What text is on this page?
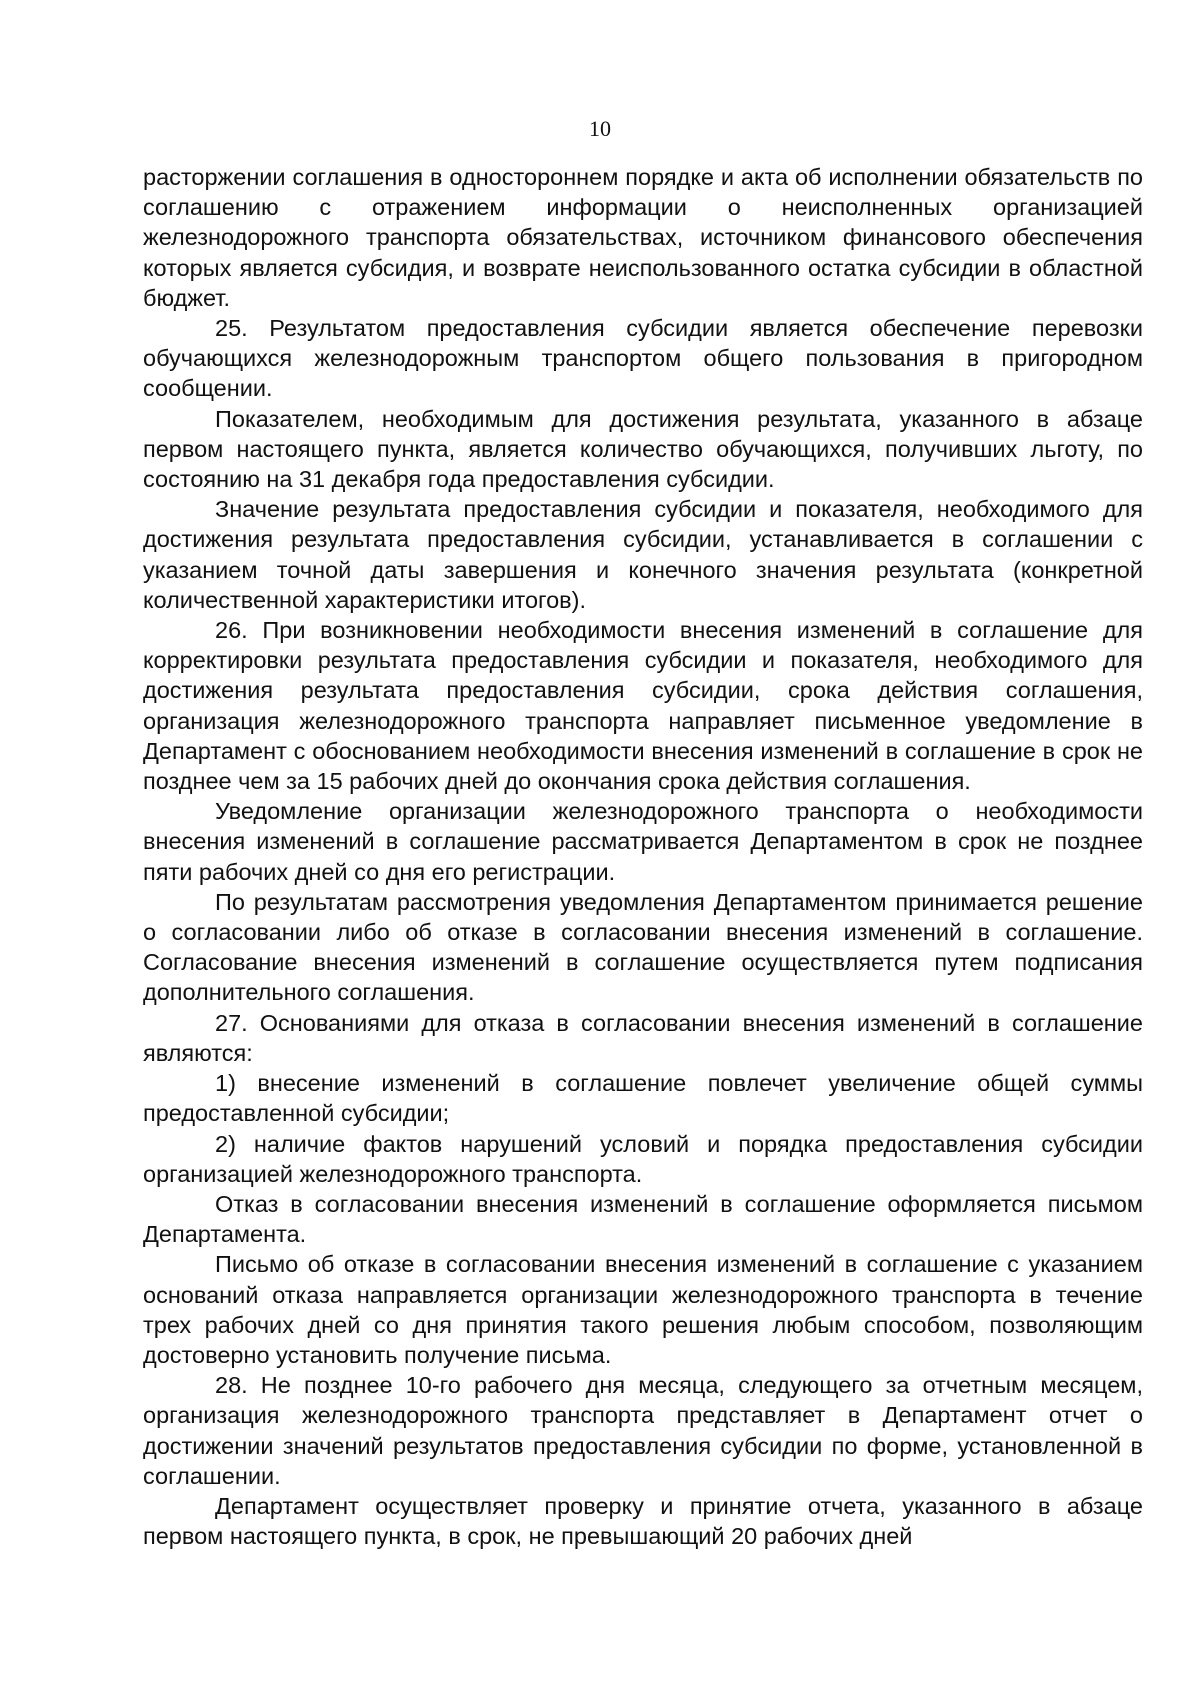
10

расторжении соглашения в одностороннем порядке и акта об исполнении обязательств по соглашению с отражением информации о неисполненных организацией железнодорожного транспорта обязательствах, источником финансового обеспечения которых является субсидия, и возврате неиспользованного остатка субсидии в областной бюджет.

25. Результатом предоставления субсидии является обеспечение перевозки обучающихся железнодорожным транспортом общего пользования в пригородном сообщении.

Показателем, необходимым для достижения результата, указанного в абзаце первом настоящего пункта, является количество обучающихся, получивших льготу, по состоянию на 31 декабря года предоставления субсидии.

Значение результата предоставления субсидии и показателя, необходимого для достижения результата предоставления субсидии, устанавливается в соглашении с указанием точной даты завершения и конечного значения результата (конкретной количественной характеристики итогов).

26. При возникновении необходимости внесения изменений в соглашение для корректировки результата предоставления субсидии и показателя, необходимого для достижения результата предоставления субсидии, срока действия соглашения, организация железнодорожного транспорта направляет письменное уведомление в Департамент с обоснованием необходимости внесения изменений в соглашение в срок не позднее чем за 15 рабочих дней до окончания срока действия соглашения.

Уведомление организации железнодорожного транспорта о необходимости внесения изменений в соглашение рассматривается Департаментом в срок не позднее пяти рабочих дней со дня его регистрации.

По результатам рассмотрения уведомления Департаментом принимается решение о согласовании либо об отказе в согласовании внесения изменений в соглашение. Согласование внесения изменений в соглашение осуществляется путем подписания дополнительного соглашения.

27. Основаниями для отказа в согласовании внесения изменений в соглашение являются:

1) внесение изменений в соглашение повлечет увеличение общей суммы предоставленной субсидии;

2) наличие фактов нарушений условий и порядка предоставления субсидии организацией железнодорожного транспорта.

Отказ в согласовании внесения изменений в соглашение оформляется письмом Департамента.

Письмо об отказе в согласовании внесения изменений в соглашение с указанием оснований отказа направляется организации железнодорожного транспорта в течение трех рабочих дней со дня принятия такого решения любым способом, позволяющим достоверно установить получение письма.

28. Не позднее 10-го рабочего дня месяца, следующего за отчетным месяцем, организация железнодорожного транспорта представляет в Департамент отчет о достижении значений результатов предоставления субсидии по форме, установленной в соглашении.

Департамент осуществляет проверку и принятие отчета, указанного в абзаце первом настоящего пункта, в срок, не превышающий 20 рабочих дней
